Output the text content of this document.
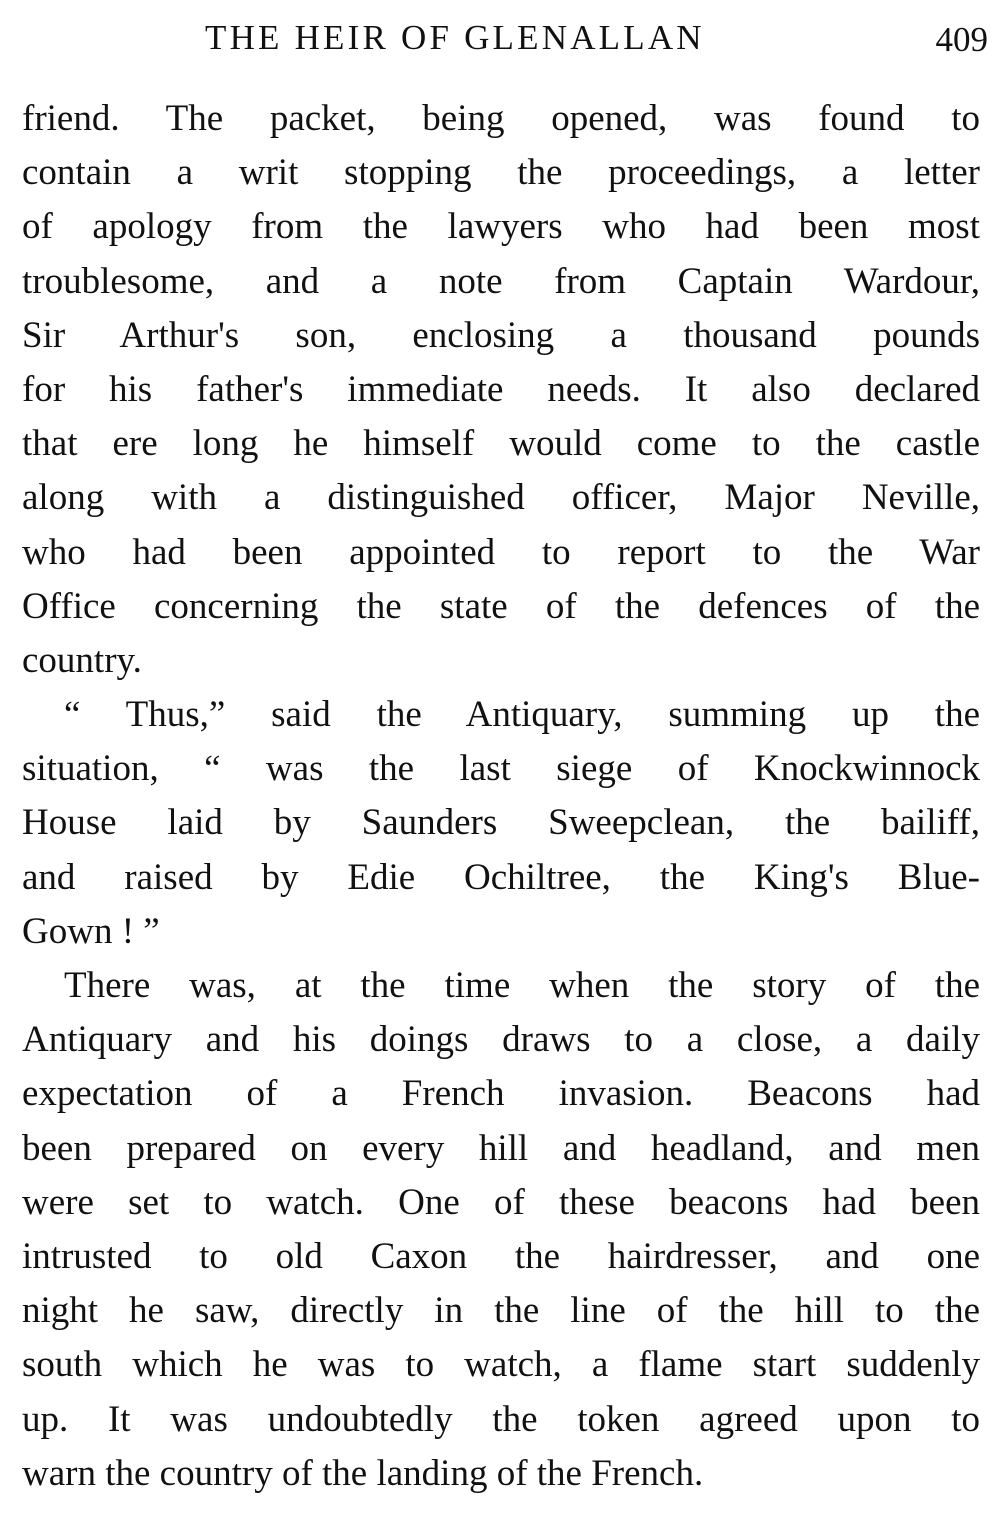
THE HEIR OF GLENALLAN	409
friend. The packet, being opened, was found to
contain a writ stopping the proceedings, a letter
of apology from the lawyers who had been most
troublesome, and a note from Captain Wardour,
Sir Arthur's son, enclosing a thousand pounds
for his father's immediate needs. It also declared
that ere long he himself would come to the castle
along with a distinguished officer, Major Neville,
who had been appointed to report to the War
Office concerning the state of the defences of the
country.
“ Thus,” said the Antiquary, summing up the
situation, “ was the last siege of Knockwinnock
House laid by Saunders Sweepclean, the bailiff,
and raised by Edie Ochiltree, the King's Blue-
Gown ! ”
There was, at the time when the story of the
Antiquary and his doings draws to a close, a daily
expectation of a French invasion. Beacons had
been prepared on every hill and headland, and men
were set to watch. One of these beacons had been
intrusted to old Caxon the hairdresser, and one
night he saw, directly in the line of the hill to the
south which he was to watch, a flame start suddenly
up. It was undoubtedly the token agreed upon to
warn the country of the landing of the French.
